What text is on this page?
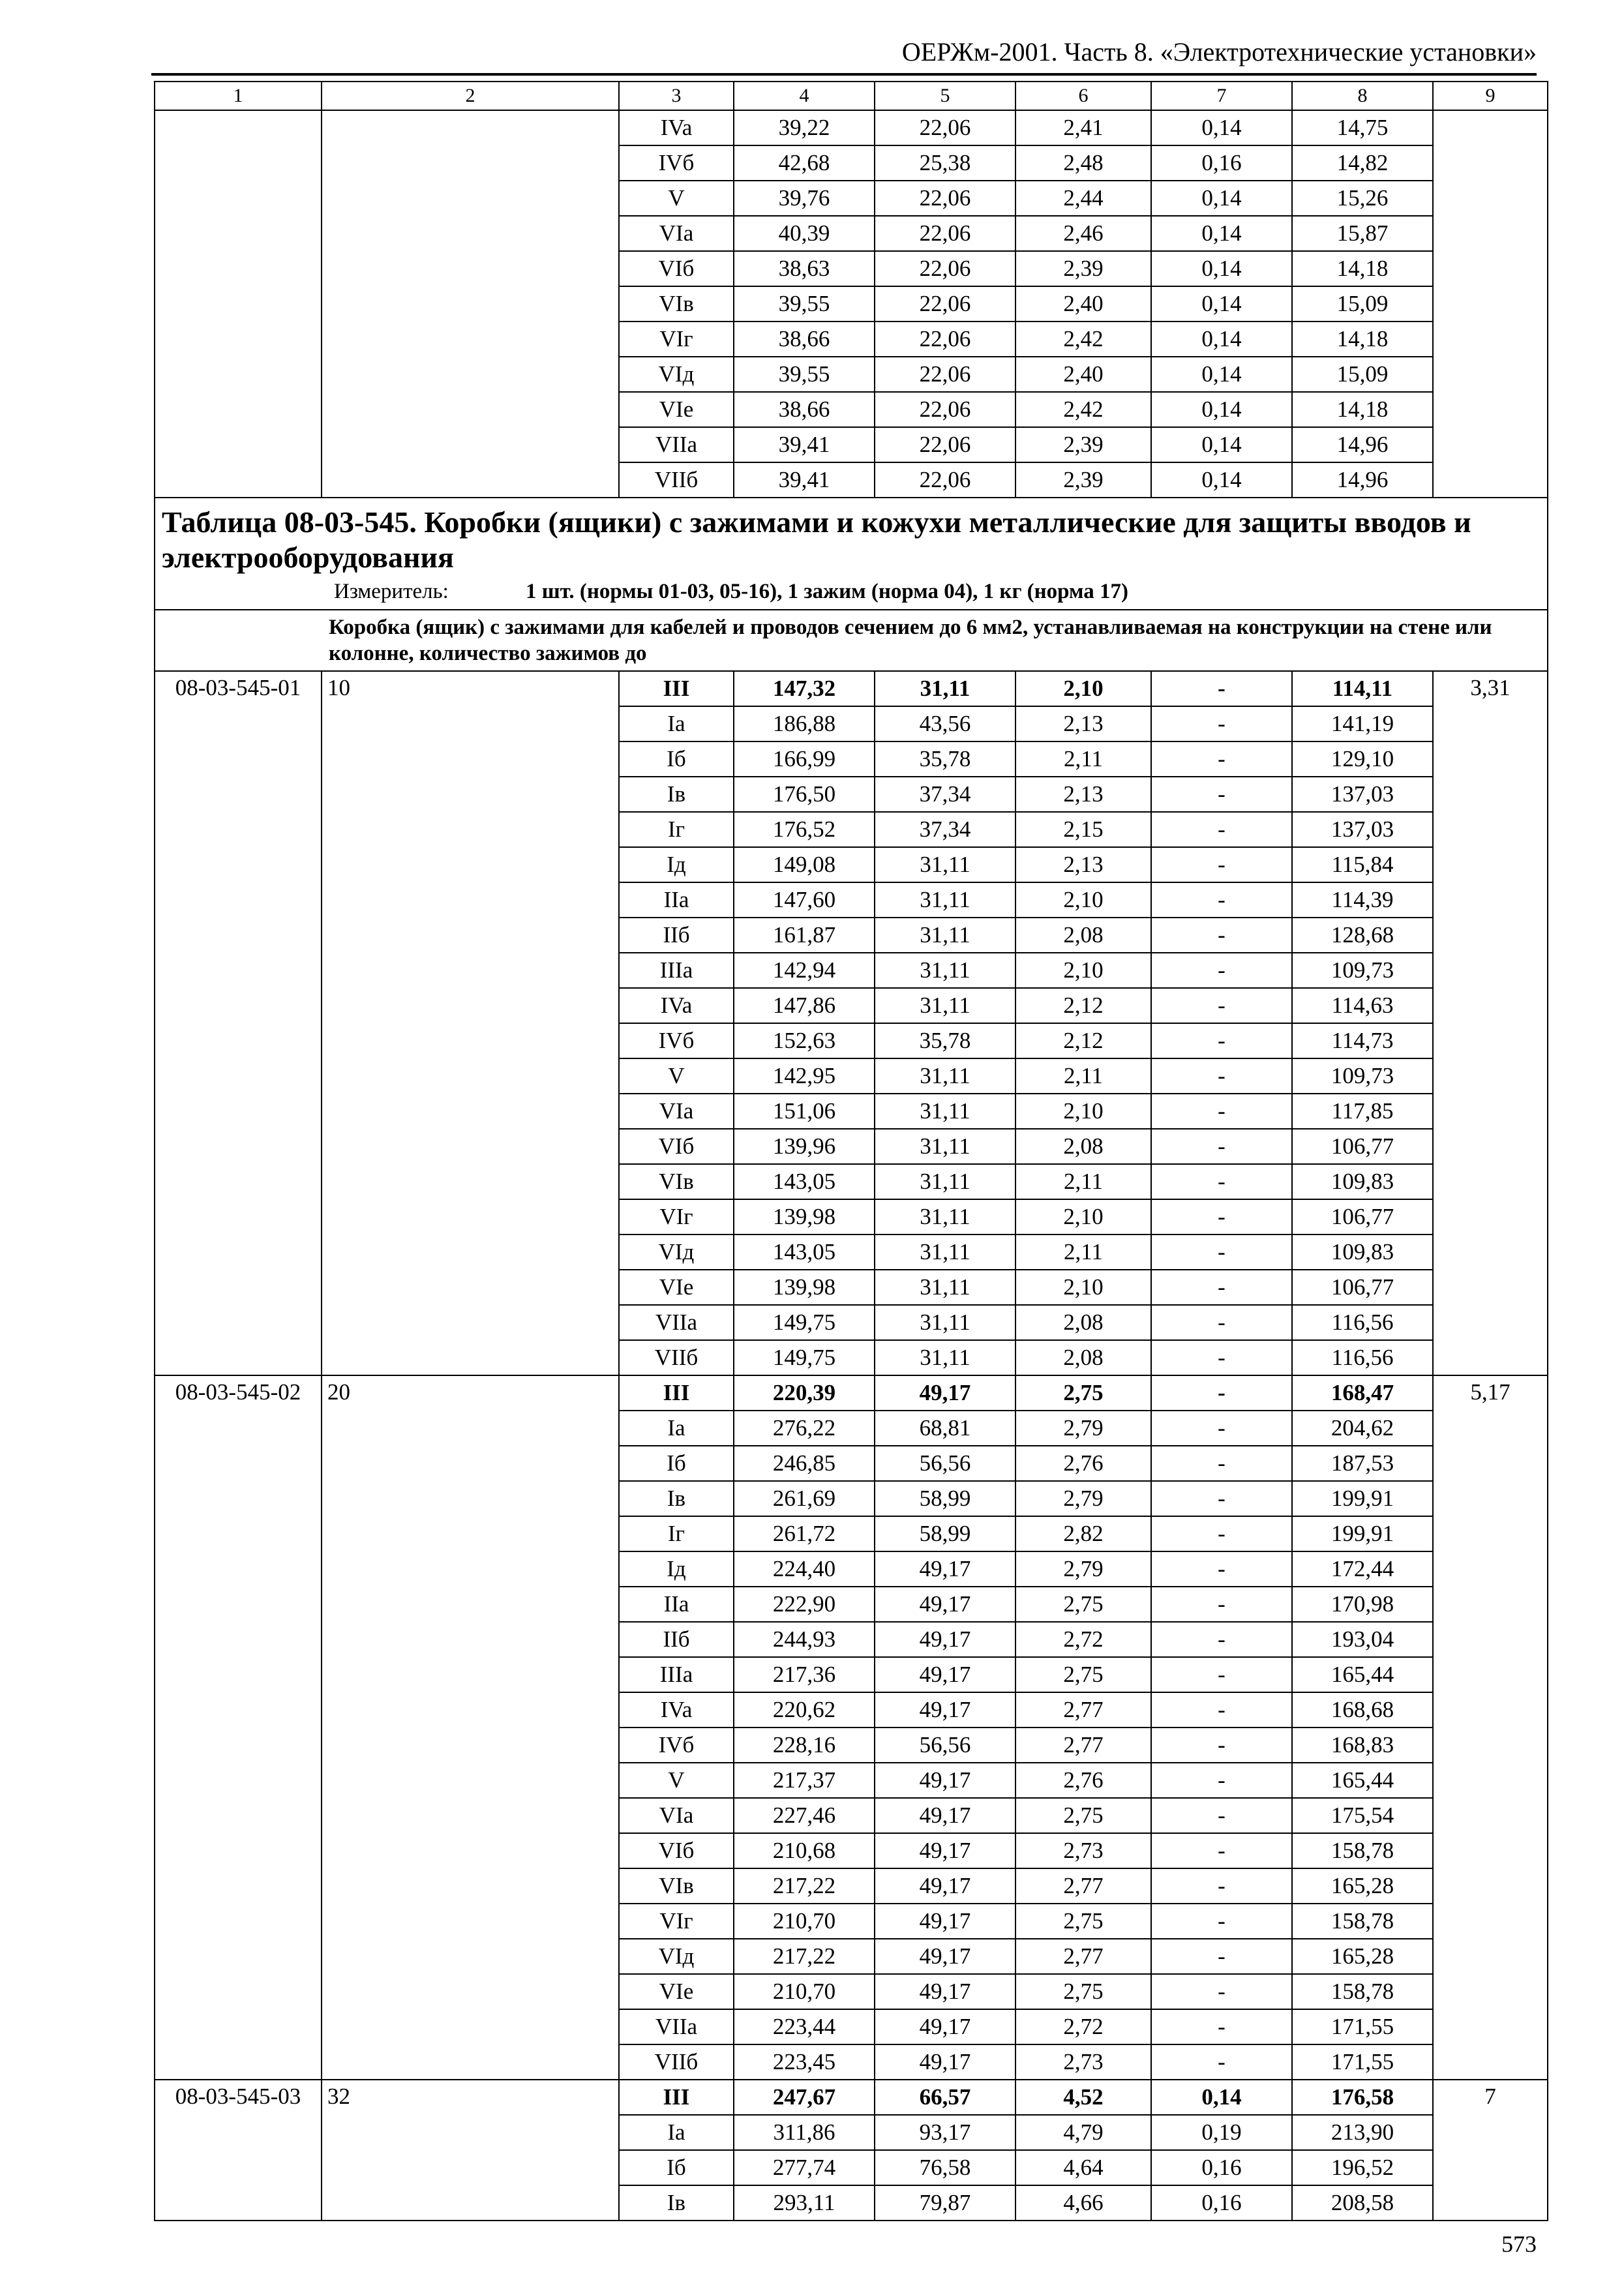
ОЕРЖм-2001. Часть 8. «Электротехнические установки»
1	2	3	4	5	6	7	8	9
		IVa	39,22	22,06	2,41	0,14	14,75	
		IVб	42,68	25,38	2,48	0,16	14,82	
		V	39,76	22,06	2,44	0,14	15,26	
		VIa	40,39	22,06	2,46	0,14	15,87	
		VIб	38,63	22,06	2,39	0,14	14,18	
		VIв	39,55	22,06	2,40	0,14	15,09	
		VIг	38,66	22,06	2,42	0,14	14,18	
		VIд	39,55	22,06	2,40	0,14	15,09	
		VIе	38,66	22,06	2,42	0,14	14,18	
		VIIa	39,41	22,06	2,39	0,14	14,96	
		VIIб	39,41	22,06	2,39	0,14	14,96	

Таблица 08-03-545. Коробки (ящики) с зажимами и кожухи металлические для защиты вводов и электрооборудования
Измеритель: 1 шт. (нормы 01-03, 05-16), 1 зажим (норма 04), 1 кг (норма 17)								

Коробка (ящик) с зажимами для кабелей и проводов сечением до 6 мм2, устанавливаемая на конструкции на стене или колонне, количество зажимов до								

08-03-545-01	10	III	147,32	31,11	2,10	-	114,11	3,31
		Ia	186,88	43,56	2,13	-	141,19	
		Iб	166,99	35,78	2,11	-	129,10	
		Iв	176,50	37,34	2,13	-	137,03	
		Iг	176,52	37,34	2,15	-	137,03	
		Iд	149,08	31,11	2,13	-	115,84	
		IIa	147,60	31,11	2,10	-	114,39	
		IIб	161,87	31,11	2,08	-	128,68	
		IIIa	142,94	31,11	2,10	-	109,73	
		IVa	147,86	31,11	2,12	-	114,63	
		IVб	152,63	35,78	2,12	-	114,73	
		V	142,95	31,11	2,11	-	109,73	
		VIa	151,06	31,11	2,10	-	117,85	
		VIб	139,96	31,11	2,08	-	106,77	
		VIв	143,05	31,11	2,11	-	109,83	
		VIг	139,98	31,11	2,10	-	106,77	
		VIд	143,05	31,11	2,11	-	109,83	
		VIе	139,98	31,11	2,10	-	106,77	
		VIIa	149,75	31,11	2,08	-	116,56	
		VIIб	149,75	31,11	2,08	-	116,56	
08-03-545-02	20	III	220,39	49,17	2,75	-	168,47	5,17
		Ia	276,22	68,81	2,79	-	204,62	
		Iб	246,85	56,56	2,76	-	187,53	
		Iв	261,69	58,99	2,79	-	199,91	
		Iг	261,72	58,99	2,82	-	199,91	
		Iд	224,40	49,17	2,79	-	172,44	
		IIa	222,90	49,17	2,75	-	170,98	
		IIб	244,93	49,17	2,72	-	193,04	
		IIIa	217,36	49,17	2,75	-	165,44	
		IVa	220,62	49,17	2,77	-	168,68	
		IVб	228,16	56,56	2,77	-	168,83	
		V	217,37	49,17	2,76	-	165,44	
		VIa	227,46	49,17	2,75	-	175,54	
		VIб	210,68	49,17	2,73	-	158,78	
		VIв	217,22	49,17	2,77	-	165,28	
		VIг	210,70	49,17	2,75	-	158,78	
		VIд	217,22	49,17	2,77	-	165,28	
		VIе	210,70	49,17	2,75	-	158,78	
		VIIa	223,44	49,17	2,72	-	171,55	
		VIIб	223,45	49,17	2,73	-	171,55	
08-03-545-03	32	III	247,67	66,57	4,52	0,14	176,58	7
		Ia	311,86	93,17	4,79	0,19	213,90	
		Iб	277,74	76,58	4,64	0,16	196,52	
		Iв	293,11	79,87	4,66	0,16	208,58	
573
